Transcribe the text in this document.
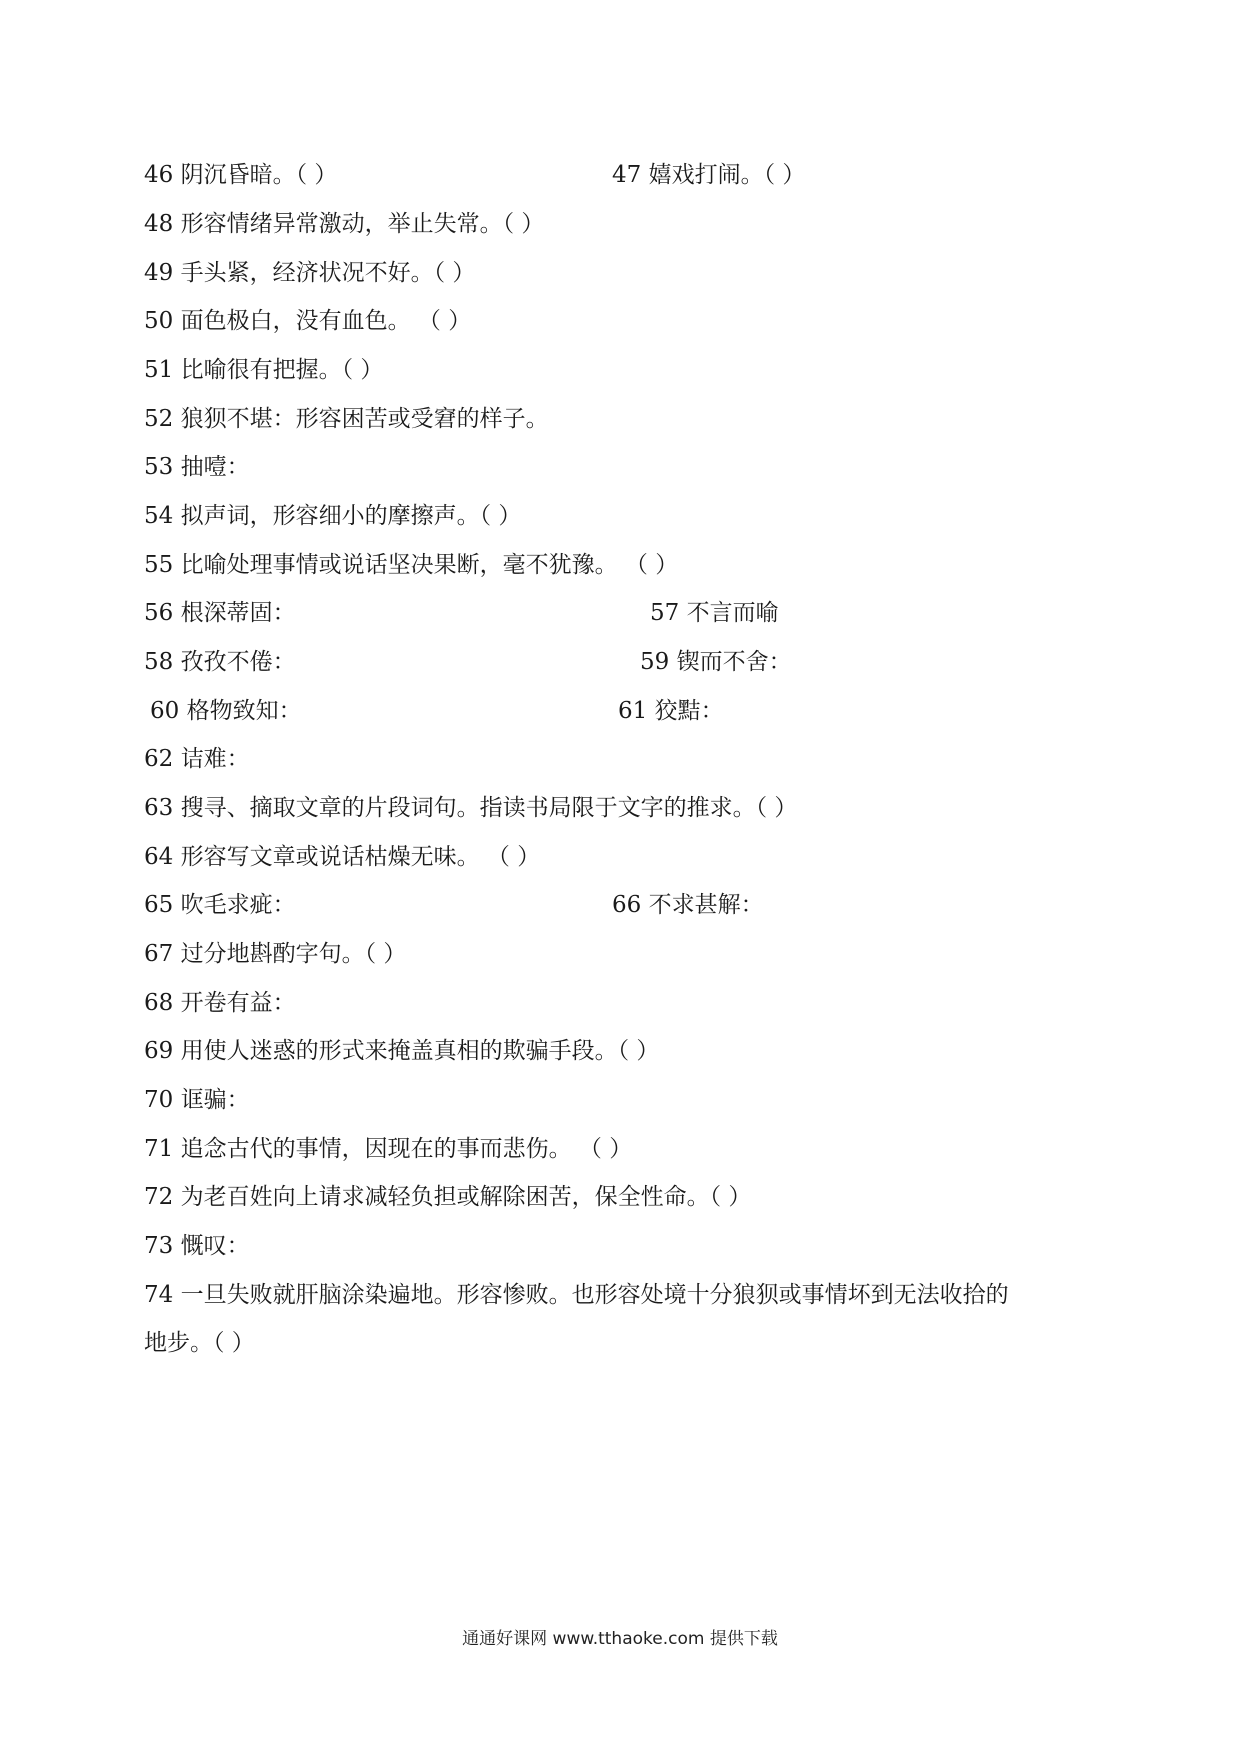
46 阴沉昏暗。（ ）	47 嬉戏打闹。（ ）
48 形容情绪异常激动，举止失常。（ ）
49 手头紧，经济状况不好。（ ）
50 面色极白，没有血色。 （ ）
51 比喻很有把握。（ ）
52 狼狈不堪：形容困苦或受窘的样子。
53 抽噎：
54 拟声词，形容细小的摩擦声。（ ）
55 比喻处理事情或说话坚决果断，毫不犹豫。 （ ）
56 根深蒂固：	57 不言而喻
58 孜孜不倦：	59 锲而不舍：
60 格物致知：	61 狡黠：
62 诘难：
63 搜寻、摘取文章的片段词句。指读书局限于文字的推求。（ ）
64 形容写文章或说话枯燥无味。 （ ）
65 吹毛求疵：	66 不求甚解：
67 过分地斟酌字句。（ ）
68 开卷有益：
69 用使人迷惑的形式来掩盖真相的欺骗手段。（ ）
70 诓骗：
71 追念古代的事情，因现在的事而悲伤。 （ ）
72 为老百姓向上请求减轻负担或解除困苦，保全性命。（ ）
73 慨叹：
74 一旦失败就肝脑涂染遍地。形容惨败。也形容处境十分狼狈或事情坏到无法收拾的
地步。（ ）
通通好课网 www.tthaoke.com 提供下载
